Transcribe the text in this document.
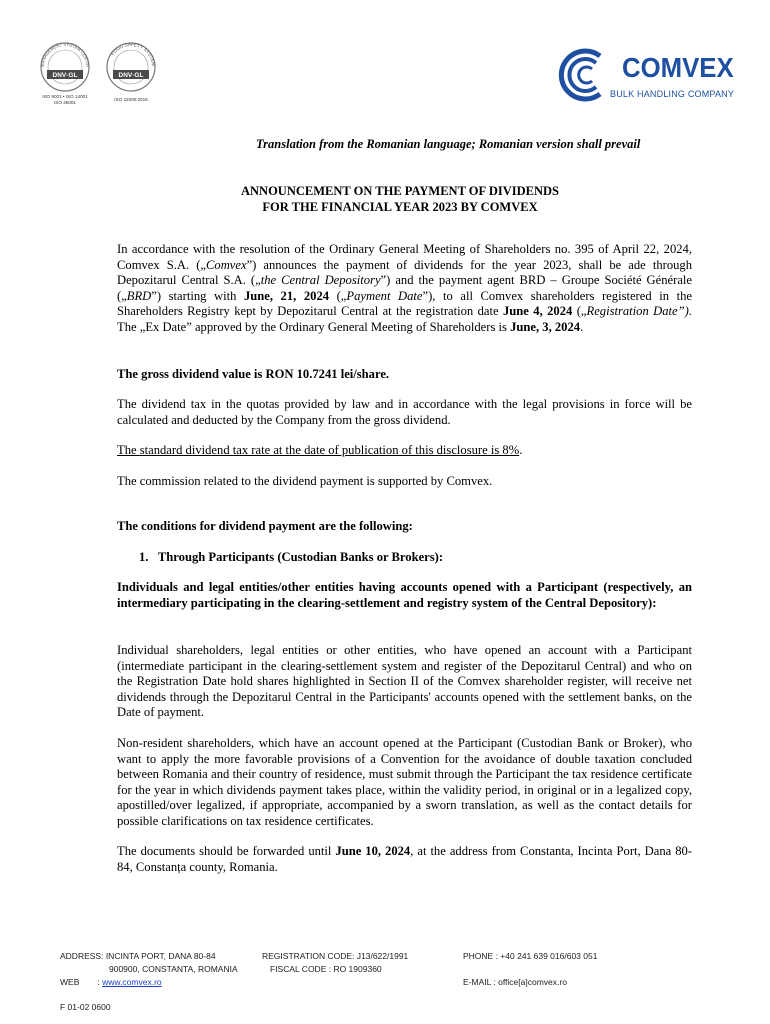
MANAGEMENT SYSTEM CERTIFI
DNV·GL
ISO 9001 • ISO 14001
ISO 45001
FOOD SAFETY SYSTEM
DNV·GL
ISO 22000:2018
COMVEX
BULK HANDLING COMPANY
Translation from the Romanian language; Romanian version shall prevail
ANNOUNCEMENT ON THE PAYMENT OF DIVIDENDS
FOR THE FINANCIAL YEAR 2023 BY COMVEX
In accordance with the resolution of the Ordinary General Meeting of Shareholders no. 395 of April 22, 2024, Comvex S.A. („Comvex”) announces the payment of dividends for the year 2023, shall be ade through Depozitarul Central S.A. („the Central Depository”) and the payment agent BRD – Groupe Société Générale („BRD”) starting with June, 21, 2024 („Payment Date”), to all Comvex shareholders registered in the Shareholders Registry kept by Depozitarul Central at the registration date June 4, 2024 („Registration Date”). The „Ex Date” approved by the Ordinary General Meeting of Shareholders is June, 3, 2024.
The gross dividend value is RON 10.7241 lei/share.
The dividend tax in the quotas provided by law and in accordance with the legal provisions in force will be calculated and deducted by the Company from the gross dividend.
The standard dividend tax rate at the date of publication of this disclosure is 8%.
The commission related to the dividend payment is supported by Comvex.
The conditions for dividend payment are the following:
1. Through Participants (Custodian Banks or Brokers):
Individuals and legal entities/other entities having accounts opened with a Participant (respectively, an intermediary participating in the clearing-settlement and registry system of the Central Depository):
Individual shareholders, legal entities or other entities, who have opened an account with a Participant (intermediate participant in the clearing-settlement system and register of the Depozitarul Central) and who on the Registration Date hold shares highlighted in Section II of the Comvex shareholder register, will receive net dividends through the Depozitarul Central in the Participants' accounts opened with the settlement banks, on the Date of payment.
Non-resident shareholders, which have an account opened at the Participant (Custodian Bank or Broker), who want to apply the more favorable provisions of a Convention for the avoidance of double taxation concluded between Romania and their country of residence, must submit through the Participant the tax residence certificate for the year in which dividends payment takes place, within the validity period, in original or in a legalized copy, apostilled/over legalized, if appropriate, accompanied by a sworn translation, as well as the contact details for possible clarifications on tax residence certificates.
The documents should be forwarded until June 10, 2024, at the address from Constanta, Incinta Port, Dana 80-84, Constanța county, Romania.
ADDRESS: INCINTA PORT, DANA 80-84
900900, CONSTANTA, ROMANIA
WEB : www.comvex.ro
REGISTRATION CODE: J13/622/1991
FISCAL CODE : RO 1909360
PHONE : +40 241 639 016/603 051
E-MAIL : office[a]comvex.ro
F 01-02 0600
